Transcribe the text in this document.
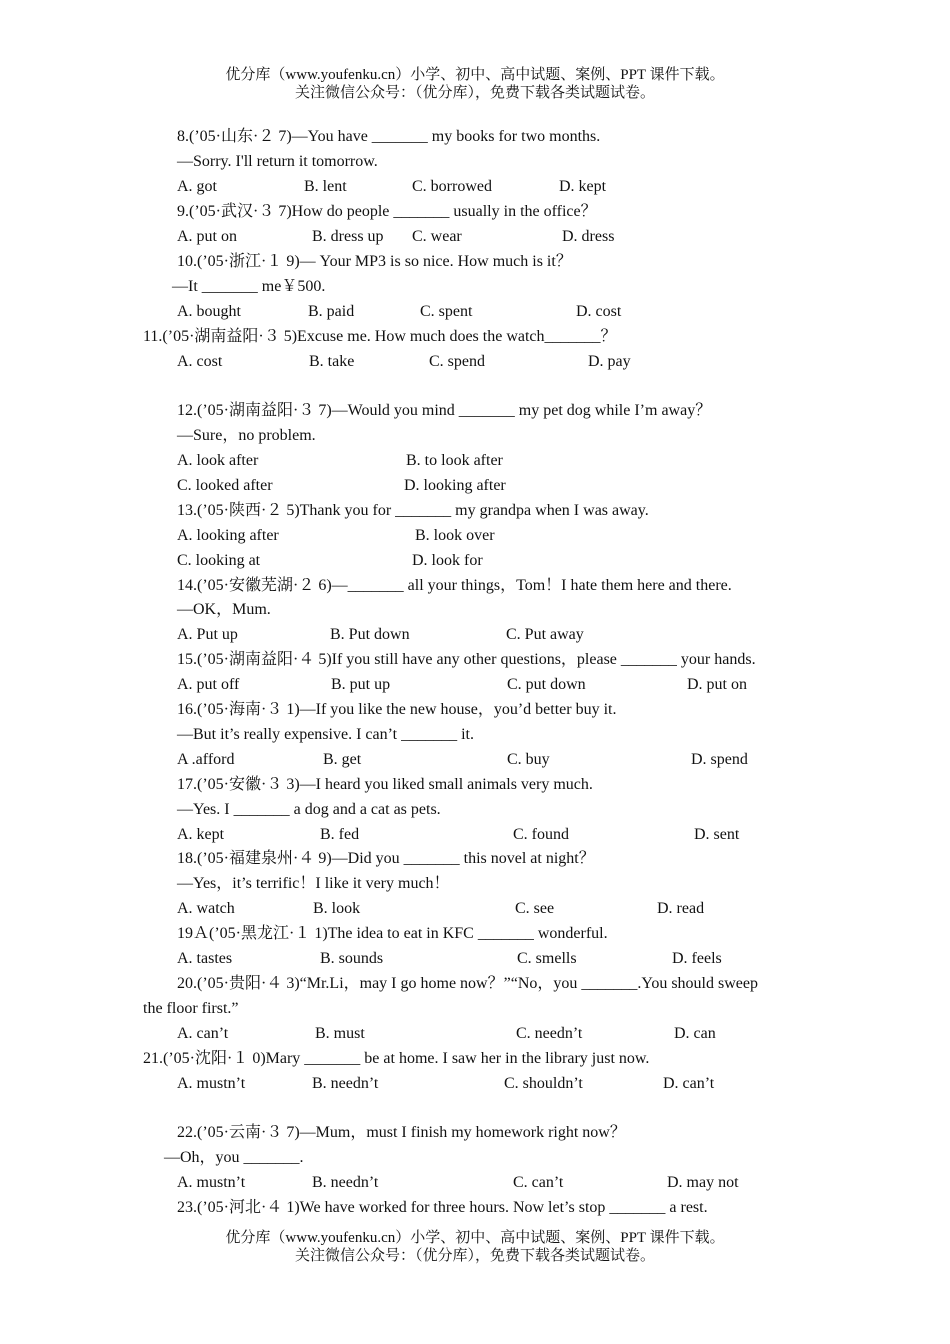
优分库（www.youfenku.cn）小学、初中、高中试题、案例、PPT 课件下载。
关注微信公众号：（优分库），免费下载各类试题试卷。
8.(’05·山东·２ 7)—You have _______ my books for two months.
—Sorry. I'll return it tomorrow.
A. got	B. lent	C. borrowed	D. kept
9.(’05·武汉·３ 7)How do people _______ usually in the office？
A. put on	B. dress up C. wear	D. dress
10.(’05·浙江·１ 9)— Your MP3 is so nice. How much is it？
—It _______ me￥500.
A. bought	B. paid	C. spent	D. cost
11.(’05·湖南益阳·３ 5)Excuse me. How much does the watch_______？
A. cost	B. take	C. spend	D. pay
12.(’05·湖南益阳·３ 7)—Would you mind _______ my pet dog while I’m away？
—Sure，no problem.
A. look after	B. to look after
C. looked after	D. looking after
13.(’05·陕西·２ 5)Thank you for _______ my grandpa when I was away.
A. looking after	B. look over
C. looking at	D. look for
14.(’05·安徽芜湖·２ 6)—_______ all your things，Tom！I hate them here and there.
—OK，Mum.
A. Put up	B. Put down	C. Put away
15.(’05·湖南益阳·４ 5)If you still have any other questions，please _______ your hands.
A. put off	B. put up	C. put down	D. put on
16.(’05·海南·３ 1)—If you like the new house，you’d better buy it.
—But it’s really expensive. I can’t _______ it.
A .afford	B. get	C. buy	D. spend
17.(’05·安徽·３ 3)—I heard you liked small animals very much.
—Yes. I _______ a dog and a cat as pets.
A. kept	B. fed	C. found	D. sent
18.(’05·福建泉州·４ 9)—Did you _______ this novel at night？
—Yes，it’s terrific！I like it very much！
A. watch	B. look	C. see	D. read
19Ａ(’05·黑龙江·１ 1)The idea to eat in KFC _______ wonderful.
A. tastes	B. sounds	C. smells	D. feels
20.(’05·贵阳·４ 3)“Mr.Li，may I go home now？”“No，you _______.You should sweep
the floor first.”
A. can’t	B. must	C. needn’t	D. can
21.(’05·沈阳·１ 0)Mary _______ be at home. I saw her in the library just now.
A. mustn’t	B. needn’t	C. shouldn’t	D. can’t
22.(’05·云南·３ 7)—Mum，must I finish my homework right now？
—Oh，you _______.
A. mustn’t	B. needn’t	C. can’t	D. may not
23.(’05·河北·４ 1)We have worked for three hours. Now let’s stop _______ a rest.
优分库（www.youfenku.cn）小学、初中、高中试题、案例、PPT 课件下载。
关注微信公众号：（优分库），免费下载各类试题试卷。
